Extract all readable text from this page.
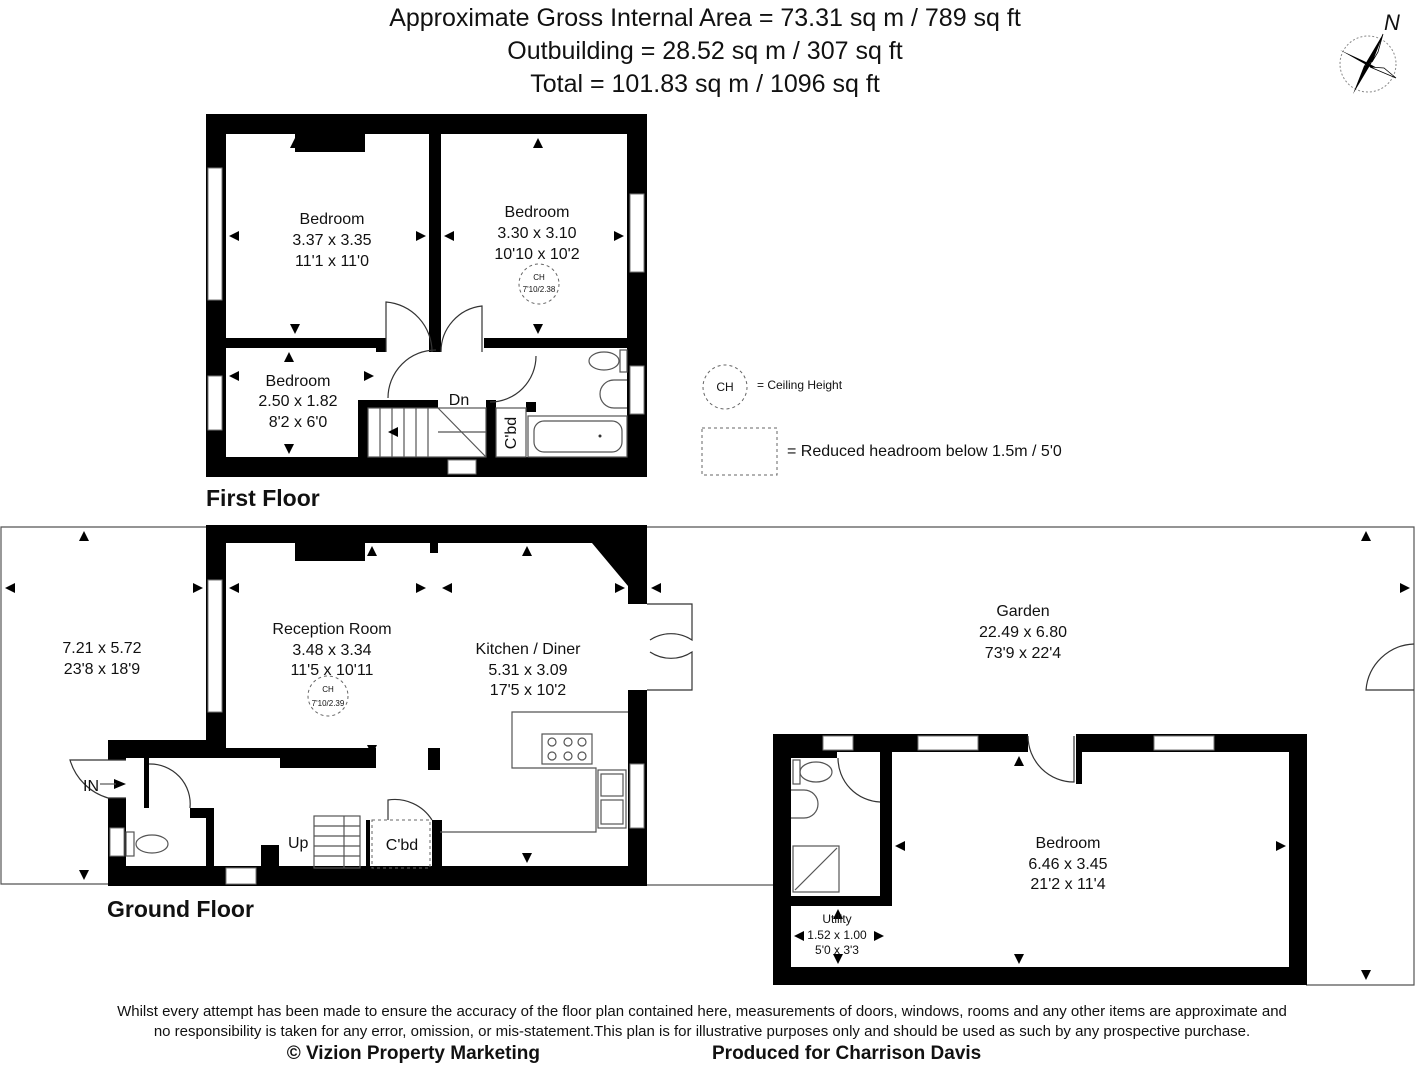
Approximate Gross Internal Area = 73.31 sq m / 789 sq ft
Outbuilding = 28.52 sq m / 307 sq ft
Total = 101.83 sq m / 1096 sq ft
N
Bedroom
3.37 x 3.35
11'1 x 11'0
Bedroom
3.30 x 3.10
10'10 x 10'2
CH
7'10/2.38
Bedroom
2.50 x 1.82
8'2 x 6'0
Dn
C'bd
First Floor
CH = Ceiling Height
= Reduced headroom below 1.5m / 5'0
Garden
22.49 x 6.80
73'9 x 22'4
7.21 x 5.72
23'8 x 18'9
Reception Room
3.48 x 3.34
11'5 x 10'11
CH
7'10/2.39
Kitchen / Diner
5.31 x 3.09
17'5 x 10'2
IN
Up	C'bd
Ground Floor
Bedroom
6.46 x 3.45
21'2 x 11'4
Utility
1.52 x 1.00
5'0 x 3'3
Whilst every attempt has been made to ensure the accuracy of the floor plan contained here, measurements of doors, windows, rooms and any other items are approximate and
no responsibility is taken for any error, omission, or mis-statement.This plan is for illustrative purposes only and should be used as such by any prospective purchase.
© Vizion Property Marketing	Produced for Charrison Davis
